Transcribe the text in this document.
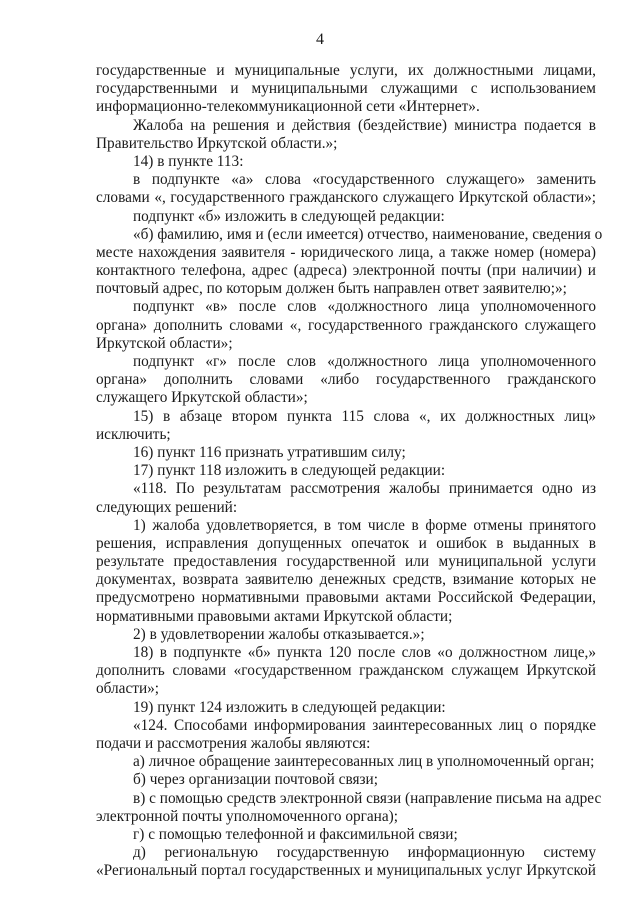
4
государственные и муниципальные услуги, их должностными лицами,
государственными и муниципальными служащими с использованием
информационно-телекоммуникационной сети «Интернет».
Жалоба на решения и действия (бездействие) министра подается в
Правительство Иркутской области.»;
14) в пункте 113:
в подпункте «а» слова «государственного служащего» заменить
словами «, государственного гражданского служащего Иркутской области»;
подпункт «б» изложить в следующей редакции:
«б) фамилию, имя и (если имеется) отчество, наименование, сведения о
месте нахождения заявителя - юридического лица, а также номер (номера)
контактного телефона, адрес (адреса) электронной почты (при наличии) и
почтовый адрес, по которым должен быть направлен ответ заявителю;»;
подпункт «в» после слов «должностного лица уполномоченного
органа» дополнить словами «, государственного гражданского служащего
Иркутской области»;
подпункт «г» после слов «должностного лица уполномоченного
органа» дополнить словами «либо государственного гражданского
служащего Иркутской области»;
15) в абзаце втором пункта 115 слова «, их должностных лиц»
исключить;
16) пункт 116 признать утратившим силу;
17) пункт 118 изложить в следующей редакции:
«118. По результатам рассмотрения жалобы принимается одно из
следующих решений:
1) жалоба удовлетворяется, в том числе в форме отмены принятого
решения, исправления допущенных опечаток и ошибок в выданных в
результате предоставления государственной или муниципальной услуги
документах, возврата заявителю денежных средств, взимание которых не
предусмотрено нормативными правовыми актами Российской Федерации,
нормативными правовыми актами Иркутской области;
2) в удовлетворении жалобы отказывается.»;
18) в подпункте «б» пункта 120 после слов «о должностном лице,»
дополнить словами «государственном гражданском служащем Иркутской
области»;
19) пункт 124 изложить в следующей редакции:
«124. Способами информирования заинтересованных лиц о порядке
подачи и рассмотрения жалобы являются:
а) личное обращение заинтересованных лиц в уполномоченный орган;
б) через организации почтовой связи;
в) с помощью средств электронной связи (направление письма на адрес
электронной почты уполномоченного органа);
г) с помощью телефонной и факсимильной связи;
д) региональную государственную информационную систему
«Региональный портал государственных и муниципальных услуг Иркутской
